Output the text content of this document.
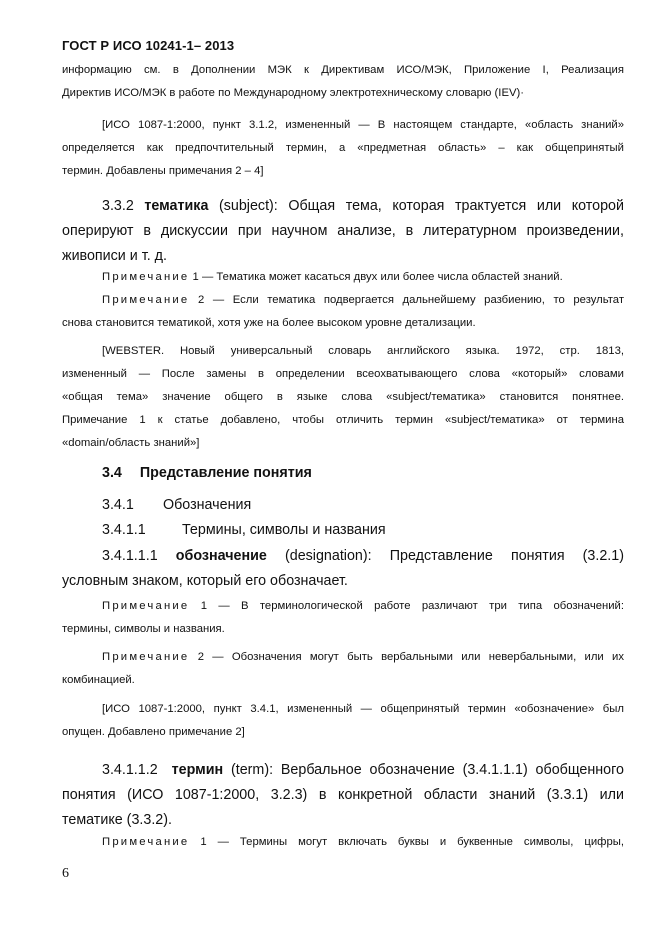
ГОСТ Р ИСО 10241-1– 2013
информацию см. в Дополнении МЭК к Директивам ИСО/МЭК, Приложение I, Реализация
Директив ИСО/МЭК в работе по Международному электротехническому словарю (IEV)·
[ИСО 1087-1:2000, пункт 3.1.2, измененный — В настоящем стандарте, «область знаний»
определяется как предпочтительный термин, а «предметная область» – как общепринятый
термин. Добавлены примечания 2 – 4]
3.3.2 тематика (subject): Общая тема, которая трактуется или которой
оперируют в дискуссии при научном анализе, в литературном произведении,
живописи и т. д.
Примечание 1 — Тематика может касаться двух или более числа областей знаний.
Примечание 2 — Если тематика подвергается дальнейшему разбиению, то результат
снова становится тематикой, хотя уже на более высоком уровне детализации.
[WEBSTER. Новый универсальный словарь английского языка. 1972, стр. 1813,
измененный — После замены в определении всеохватывающего слова «который» словами
«общая тема» значение общего в языке слова «subject/тематика» становится понятнее.
Примечание 1 к статье добавлено, чтобы отличить термин «subject/тематика» от термина
«domain/область знаний»]
3.4 Представление понятия
3.4.1 Обозначения
3.4.1.1	Термины, символы и названия
3.4.1.1.1 обозначение (designation): Представление понятия (3.2.1)
условным знаком, который его обозначает.
Примечание 1 — В терминологической работе различают три типа обозначений:
термины, символы и названия.
Примечание 2 — Обозначения могут быть вербальными или невербальными, или их
комбинацией.
[ИСО 1087-1:2000, пункт 3.4.1, измененный — общепринятый термин «обозначение» был
опущен. Добавлено примечание 2]
3.4.1.1.2 термин (term): Вербальное обозначение (3.4.1.1.1) обобщенного
понятия (ИСО 1087-1:2000, 3.2.3) в конкретной области знаний (3.3.1) или
тематике (3.3.2).
Примечание 1 — Термины могут включать буквы и буквенные символы, цифры,
6
